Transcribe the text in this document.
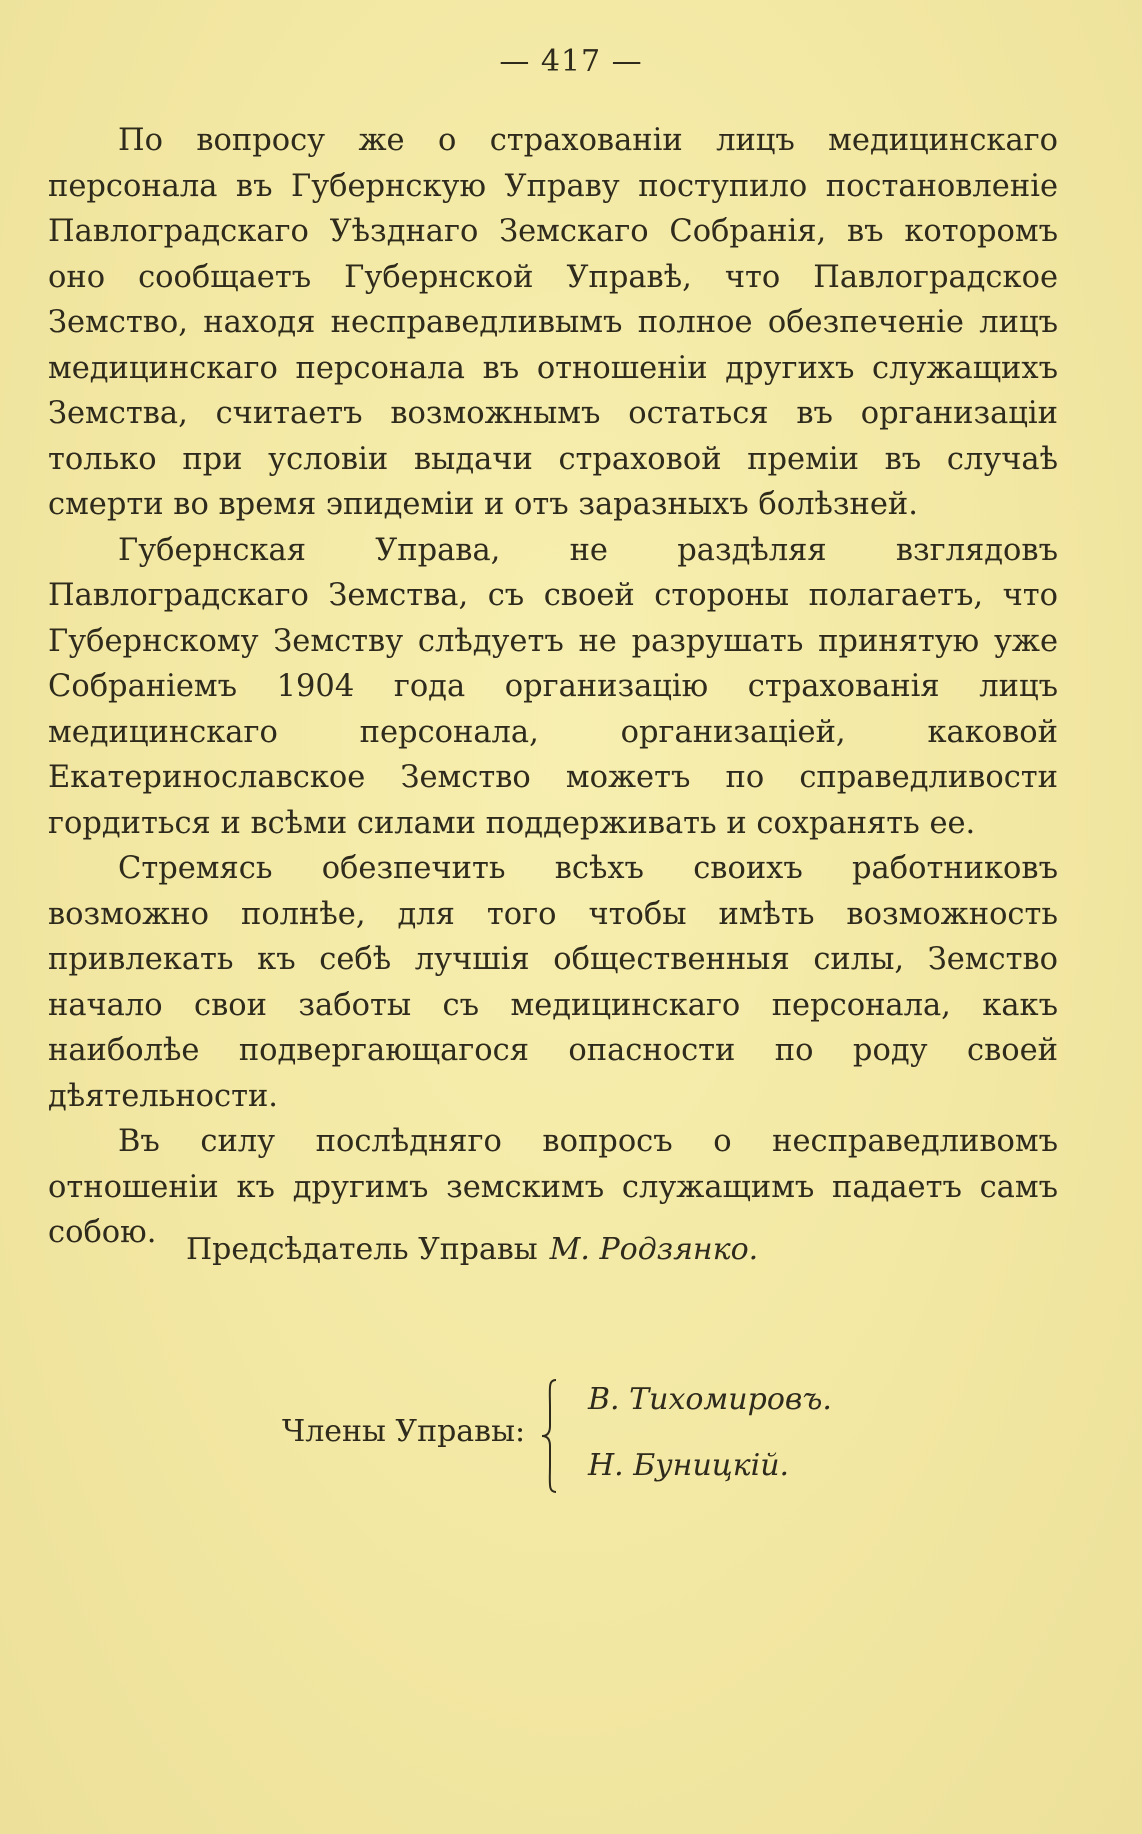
— 417 —

По вопросу же о страхованіи лицъ медицинскаго персонала въ Губернскую Управу поступило постановленіе Павлоградскаго Уѣзднаго Земскаго Собранія, въ которомъ оно сообщаетъ Губернской Управѣ, что Павлоградское Земство, находя несправедливымъ полное обезпеченіе лицъ медицинскаго персонала въ отношеніи другихъ служащихъ Земства, считаетъ возможнымъ остаться въ организаціи только при условіи выдачи страховой преміи въ случаѣ смерти во время эпидеміи и отъ заразныхъ болѣзней.

Губернская Управа, не раздѣляя взглядовъ Павлоградскаго Земства, съ своей стороны полагаетъ, что Губернскому Земству слѣдуетъ не разрушать принятую уже Собраніемъ 1904 года организацію страхованія лицъ медицинскаго персонала, организаціей, каковой Екатеринославское Земство можетъ по справедливости гордиться и всѣми силами поддерживать и сохранять ее.

Стремясь обезпечить всѣхъ своихъ работниковъ возможно полнѣе, для того чтобы имѣть возможность привлекать къ себѣ лучшія общественныя силы, Земство начало свои заботы съ медицинскаго персонала, какъ наиболѣе подвергающагося опасности по роду своей дѣятельности.

Въ силу послѣдняго вопросъ о несправедливомъ отношеніи къ другимъ земскимъ служащимъ падаетъ самъ собою. Предсѣдатель Управы М. Родзянко.
Члены Управы:
В. Тихомировъ.
Н. Буницкій.
